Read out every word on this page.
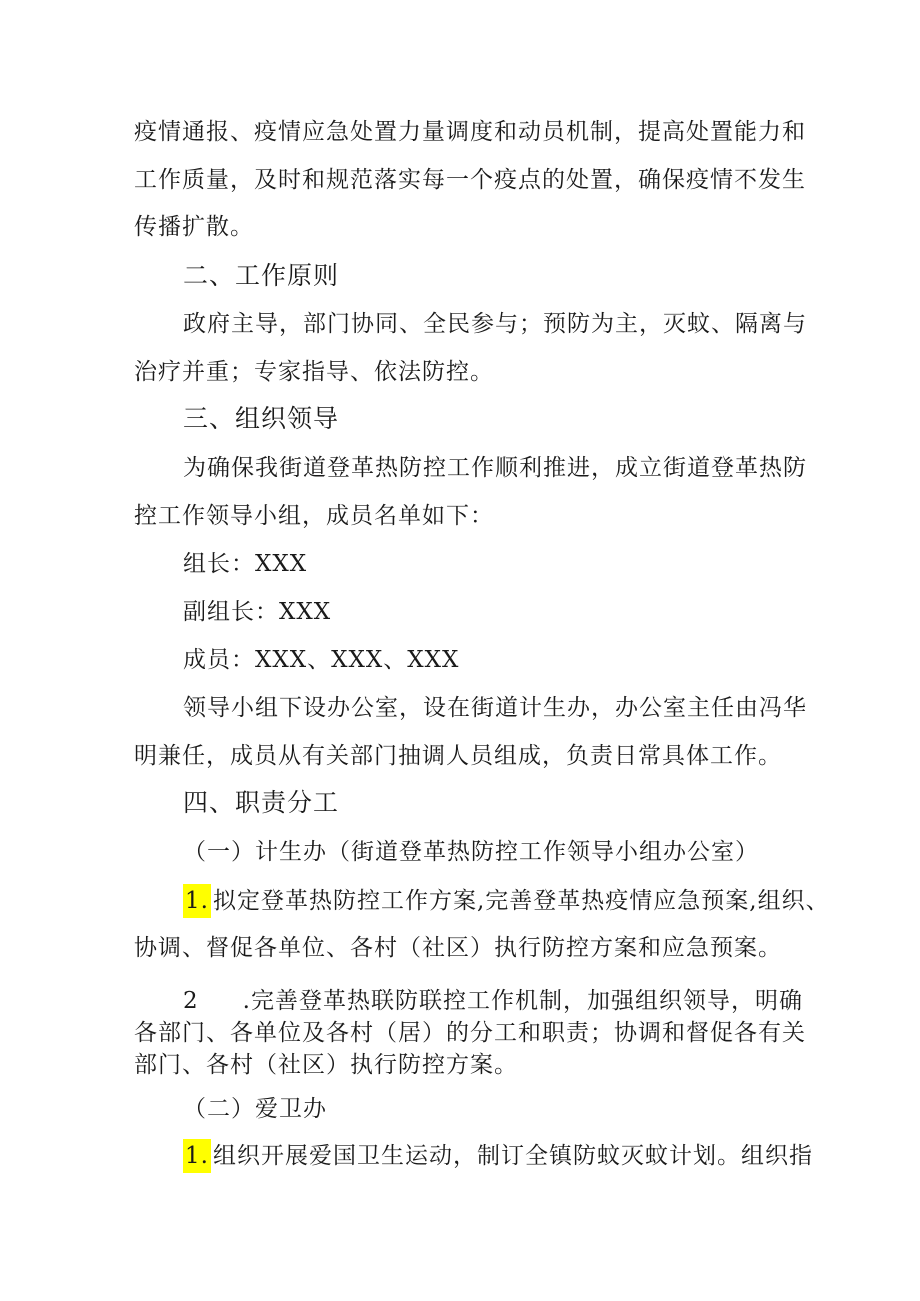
疫情通报、疫情应急处置力量调度和动员机制，提高处置能力和
工作质量，及时和规范落实每一个疫点的处置，确保疫情不发生
传播扩散。
二、工作原则
政府主导，部门协同、全民参与；预防为主，灭蚊、隔离与
治疗并重；专家指导、依法防控。
三、组织领导
为确保我街道登革热防控工作顺利推进，成立街道登革热防
控工作领导小组，成员名单如下：
组长：XXX
副组长：XXX
成员：XXX、XXX、XXX
领导小组下设办公室，设在街道计生办，办公室主任由冯华
明兼任，成员从有关部门抽调人员组成，负责日常具体工作。
四、职责分工
（一）计生办（街道登革热防控工作领导小组办公室）
1. 拟定登革热防控工作方案,完善登革热疫情应急预案,组织、
协调、督促各单位、各村（社区）执行防控方案和应急预案。
2 .完善登革热联防联控工作机制，加强组织领导，明确
各部门、各单位及各村（居）的分工和职责；协调和督促各有关
部门、各村（社区）执行防控方案。
（二）爱卫办
1. 组织开展爱国卫生运动，制订全镇防蚊灭蚊计划。组织指
